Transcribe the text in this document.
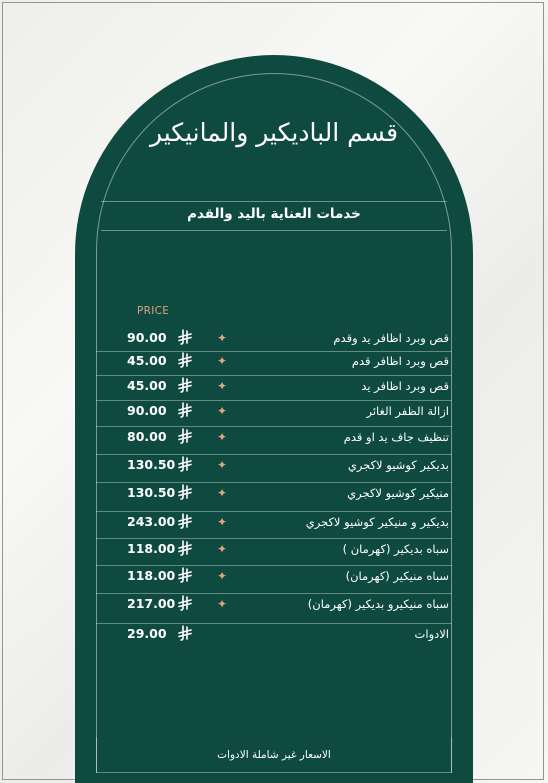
قسم الباديكير والمانيكير
خدمات العناية باليد والقدم
PRICE
قص وبرد اظافر يد وقدم
✦
90.00
قص وبرد اظافر قدم
✦
45.00
قص وبرد اظافر يد
✦
45.00
ازالة الظفر الغائر
✦
90.00
تنظيف جاف يد او قدم
✦
80.00
بديكير كوشيو لاكجري
✦
130.50
منيكير كوشيو لاكجري
✦
130.50
بديكير و منيكير كوشيو لاكجري
✦
243.00
سباه بديكير (كهرمان )
✦
118.00
سباه منيكير (كهرمان)
✦
118.00
سباه منيكيرو بديكير (كهرمان)
✦
217.00
الادوات
29.00
الاسعار غير شاملة الادوات
